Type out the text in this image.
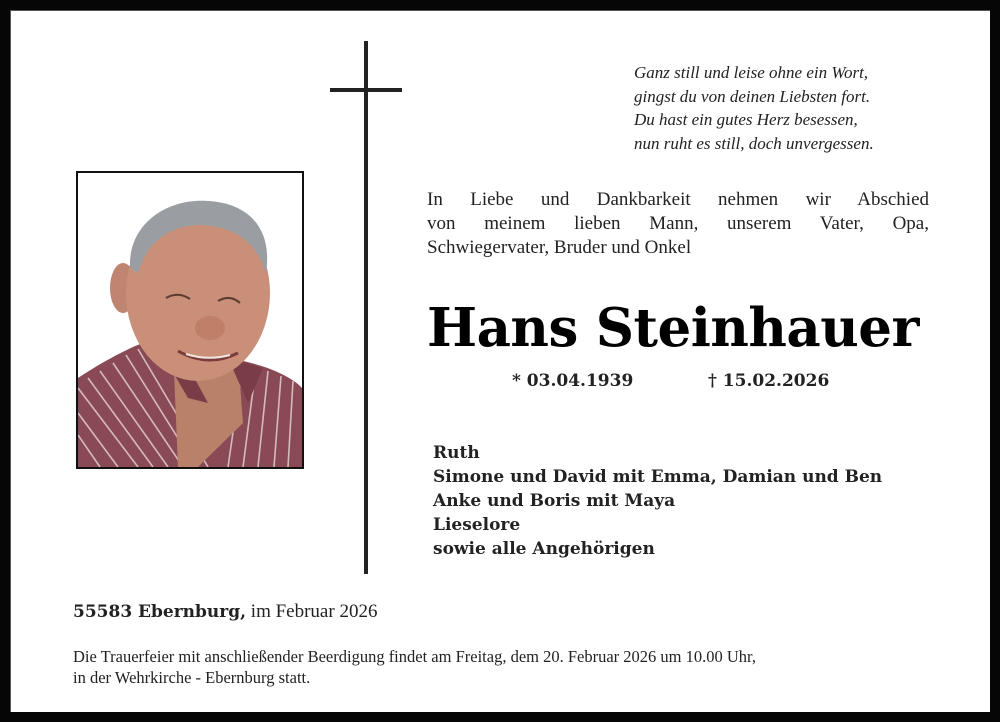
Ganz still und leise ohne ein Wort,
gingst du von deinen Liebsten fort.
Du hast ein gutes Herz besessen,
nun ruht es still, doch unvergessen.
In Liebe und Dankbarkeit nehmen wir Abschied
von meinem lieben Mann, unserem Vater, Opa,
Schwiegervater, Bruder und Onkel
Hans Steinhauer
* 03.04.1939	† 15.02.2026
Ruth
Simone und David mit Emma, Damian und Ben
Anke und Boris mit Maya
Lieselore
sowie alle Angehörigen
55583 Ebernburg, im Februar 2026
Die Trauerfeier mit anschließender Beerdigung findet am Freitag, dem 20. Februar 2026 um 10.00 Uhr,
in der Wehrkirche - Ebernburg statt.
